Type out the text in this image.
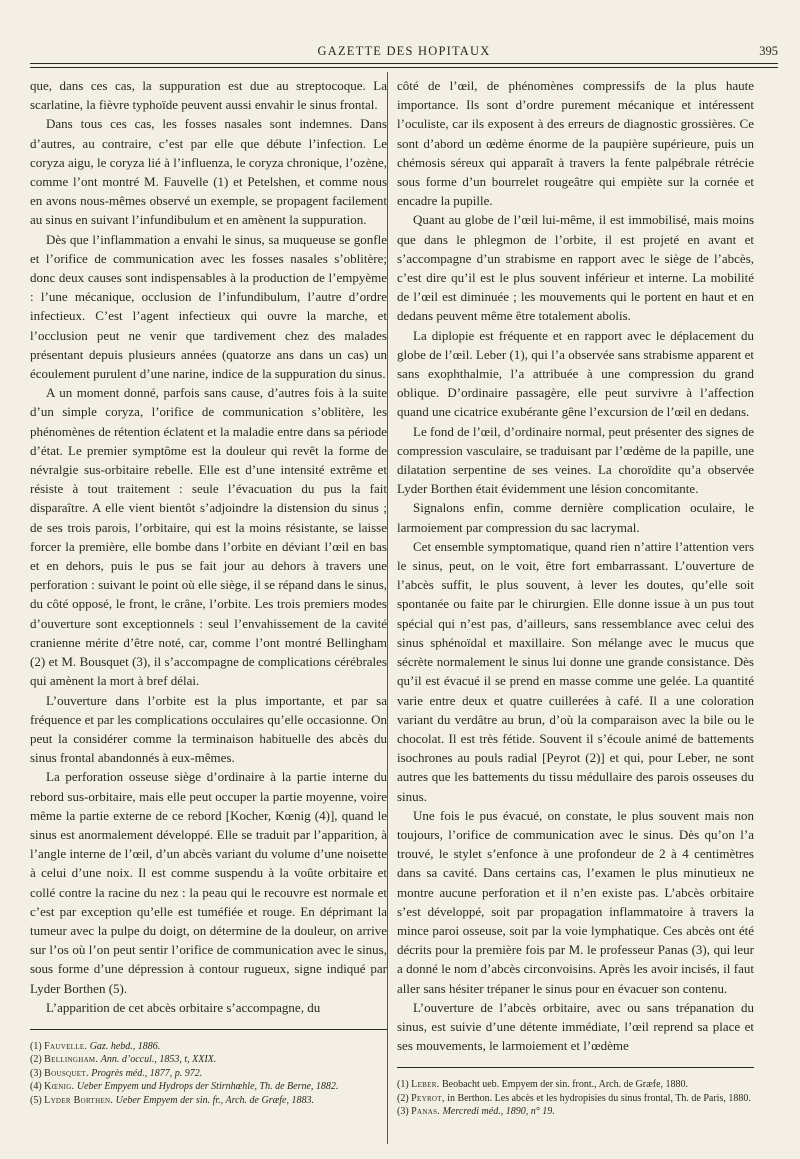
GAZETTE DES HOPITAUX	395

que, dans ces cas, la suppuration est due au streptocoque. La scarlatine, la fièvre typhoïde peuvent aussi envahir le sinus frontal.

Dans tous ces cas, les fosses nasales sont indemnes. Dans d’autres, au contraire, c’est par elle que débute l’infection. Le coryza aigu, le coryza lié à l’influenza, le coryza chronique, l’ozène, comme l’ont montré M. Fauvelle (1) et Petelshen, et comme nous en avons nous-mêmes observé un exemple, se propagent facilement au sinus en suivant l’infundibulum et en amènent la suppuration.

Dès que l’inflammation a envahi le sinus, sa muqueuse se gonfle et l’orifice de communication avec les fosses nasales s’oblitère; donc deux causes sont indispensables à la production de l’empyème : l’une mécanique, occlusion de l’infundibulum, l’autre d’ordre infectieux. C’est l’agent infectieux qui ouvre la marche, et l’occlusion peut ne venir que tardivement chez des malades présentant depuis plusieurs années (quatorze ans dans un cas) un écoulement purulent d’une narine, indice de la suppuration du sinus.

A un moment donné, parfois sans cause, d’autres fois à la suite d’un simple coryza, l’orifice de communication s’oblitère, les phénomènes de rétention éclatent et la maladie entre dans sa période d’état. Le premier symptôme est la douleur qui revêt la forme de névralgie sus-orbitaire rebelle. Elle est d’une intensité extrême et résiste à tout traitement : seule l’évacuation du pus la fait disparaître. A elle vient bientôt s’adjoindre la distension du sinus ; de ses trois parois, l’orbitaire, qui est la moins résistante, se laisse forcer la première, elle bombe dans l’orbite en déviant l’œil en bas et en dehors, puis le pus se fait jour au dehors à travers une perforation : suivant le point où elle siège, il se répand dans le sinus, du côté opposé, le front, le crâne, l’orbite. Les trois premiers modes d’ouverture sont exceptionnels : seul l’envahissement de la cavité cranienne mérite d’être noté, car, comme l’ont montré Bellingham (2) et M. Bousquet (3), il s’accompagne de complications cérébrales qui amènent la mort à bref délai.

L’ouverture dans l’orbite est la plus importante, et par sa fréquence et par les complications occulaires qu’elle occasionne. On peut la considérer comme la terminaison habituelle des abcès du sinus frontal abandonnés à eux-mêmes.

La perforation osseuse siège d’ordinaire à la partie interne du rebord sus-orbitaire, mais elle peut occuper la partie moyenne, voire même la partie externe de ce rebord [Kocher, Kœnig (4)], quand le sinus est anormalement développé. Elle se traduit par l’apparition, à l’angle interne de l’œil, d’un abcès variant du volume d’une noisette à celui d’une noix. Il est comme suspendu à la voûte orbitaire et collé contre la racine du nez : la peau qui le recouvre est normale et c’est par exception qu’elle est tuméfiée et rouge. En déprimant la tumeur avec la pulpe du doigt, on détermine de la douleur, on arrive sur l’os où l’on peut sentir l’orifice de communication avec le sinus, sous forme d’une dépression à contour rugueux, signe indiqué par Lyder Borthen (5).

L’apparition de cet abcès orbitaire s’accompagne, du

(1) Fauvelle. Gaz. hebd., 1886.
(2) Bellingham. Ann. d’occul., 1853, t, XXIX.
(3) Bousquet. Progrès méd., 1877, p. 972.
(4) Kœnig. Ueber Empyem und Hydrops der Stirnhœhle, Th. de Berne, 1882.
(5) Lyder Borthen. Ueber Empyem der sin. fr., Arch. de Græfe, 1883.

côté de l’œil, de phénomènes compressifs de la plus haute importance. Ils sont d’ordre purement mécanique et intéressent l’oculiste, car ils exposent à des erreurs de diagnostic grossières. Ce sont d’abord un œdème énorme de la paupière supérieure, puis un chémosis séreux qui apparaît à travers la fente palpébrale rétrécie sous forme d’un bourrelet rougeâtre qui empiète sur la cornée et encadre la pupille.

Quant au globe de l’œil lui-même, il est immobilisé, mais moins que dans le phlegmon de l’orbite, il est projeté en avant et s’accompagne d’un strabisme en rapport avec le siège de l’abcès, c’est dire qu’il est le plus souvent inférieur et interne. La mobilité de l’œil est diminuée ; les mouvements qui le portent en haut et en dedans peuvent même être totalement abolis.

La diplopie est fréquente et en rapport avec le déplacement du globe de l’œil. Leber (1), qui l’a observée sans strabisme apparent et sans exophthalmie, l’a attribuée à une compression du grand oblique. D’ordinaire passagère, elle peut survivre à l’affection quand une cicatrice exubérante gêne l’excursion de l’œil en dedans.

Le fond de l’œil, d’ordinaire normal, peut présenter des signes de compression vasculaire, se traduisant par l’œdème de la papille, une dilatation serpentine de ses veines. La choroïdite qu’a observée Lyder Borthen était évidemment une lésion concomitante.

Signalons enfin, comme dernière complication oculaire, le larmoiement par compression du sac lacrymal.

Cet ensemble symptomatique, quand rien n’attire l’attention vers le sinus, peut, on le voit, être fort embarrassant. L’ouverture de l’abcès suffit, le plus souvent, à lever les doutes, qu’elle soit spontanée ou faite par le chirurgien. Elle donne issue à un pus tout spécial qui n’est pas, d’ailleurs, sans ressemblance avec celui des sinus sphénoïdal et maxillaire. Son mélange avec le mucus que sécrète normalement le sinus lui donne une grande consistance. Dès qu’il est évacué il se prend en masse comme une gelée. La quantité varie entre deux et quatre cuillerées à café. Il a une coloration variant du verdâtre au brun, d’où la comparaison avec la bile ou le chocolat. Il est très fétide. Souvent il s’écoule animé de battements isochrones au pouls radial [Peyrot (2)] et qui, pour Leber, ne sont autres que les battements du tissu médullaire des parois osseuses du sinus.

Une fois le pus évacué, on constate, le plus souvent mais non toujours, l’orifice de communication avec le sinus. Dès qu’on l’a trouvé, le stylet s’enfonce à une profondeur de 2 à 4 centimètres dans sa cavité. Dans certains cas, l’examen le plus minutieux ne montre aucune perforation et il n’en existe pas. L’abcès orbitaire s’est développé, soit par propagation inflammatoire à travers la mince paroi osseuse, soit par la voie lymphatique. Ces abcès ont été décrits pour la première fois par M. le professeur Panas (3), qui leur a donné le nom d’abcès circonvoisins. Après les avoir incisés, il faut aller sans hésiter trépaner le sinus pour en évacuer son contenu.

L’ouverture de l’abcès orbitaire, avec ou sans trépanation du sinus, est suivie d’une détente immédiate, l’œil reprend sa place et ses mouvements, le larmoiement et l’œdème

(1) Leber. Beobacht ueb. Empyem der sin. front., Arch. de Græfe, 1880.
(2) Peyrot, in Berthon. Les abcès et les hydropisies du sinus frontal, Th. de Paris, 1880.
(3) Panas. Mercredi méd., 1890, n° 19.
